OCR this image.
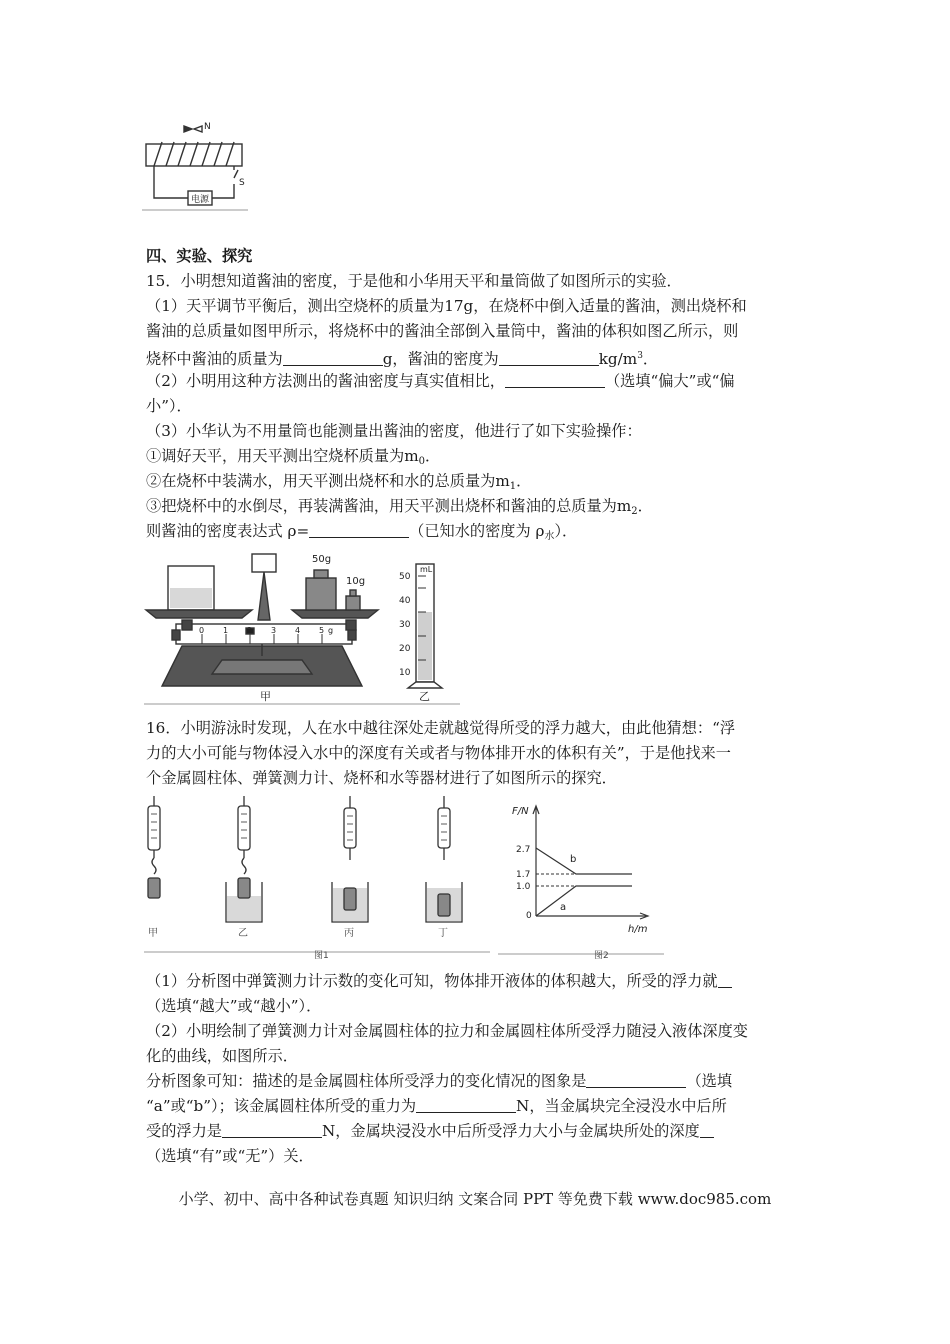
N
S
电源
四、实验、探究
15．小明想知道酱油的密度，于是他和小华用天平和量筒做了如图所示的实验．
（1）天平调节平衡后，测出空烧杯的质量为17g，在烧杯中倒入适量的酱油，测出烧杯和
酱油的总质量如图甲所示，将烧杯中的酱油全部倒入量筒中，酱油的体积如图乙所示，则
烧杯中酱油的质量为	g，酱油的密度为	$kg/m^3$．
（2）小明用这种方法测出的酱油密度与真实值相比，	（选填“偏大”或“偏
小”）．
（3）小华认为不用量筒也能测量出酱油的密度，他进行了如下实验操作：
①调好天平，用天平测出空烧杯质量为$m_0$．
②在烧杯中装满水，用天平测出烧杯和水的总质量为$m_1$．
③把烧杯中的水倒尽，再装满酱油，用天平测出烧杯和酱油的总质量为$m_2$．
则酱油的密度表达式 ρ=	（已知水的密度为 $\rho_水$）．
50g
10g
0 1 2 3 4 5 g
甲
mL
50
40
30
20
10
乙
16．小明游泳时发现，人在水中越往深处走就越觉得所受的浮力越大，由此他猜想：“浮
力的大小可能与物体浸入水中的深度有关或者与物体排开水的体积有关”，于是他找来一
个金属圆柱体、弹簧测力计、烧杯和水等器材进行了如图所示的探究．
甲	乙	丙	丁
图1
F/N
2.7
1.7
1.0
0
b
a
h/m
图2
（1）分析图中弹簧测力计示数的变化可知，物体排开液体的体积越大，所受的浮力就
（选填“越大”或“越小”）．
（2）小明绘制了弹簧测力计对金属圆柱体的拉力和金属圆柱体所受浮力随浸入液体深度变
化的曲线，如图所示．
分析图象可知：描述的是金属圆柱体所受浮力的变化情况的图象是	（选填
“a”或“b”）；该金属圆柱体所受的重力为	N，当金属块完全浸没水中后所
受的浮力是	N，金属块浸没水中后所受浮力大小与金属块所处的深度
（选填“有”或“无”）关．
小学、初中、高中各种试卷真题 知识归纳 文案合同 PPT 等免费下载 www.doc985.com
